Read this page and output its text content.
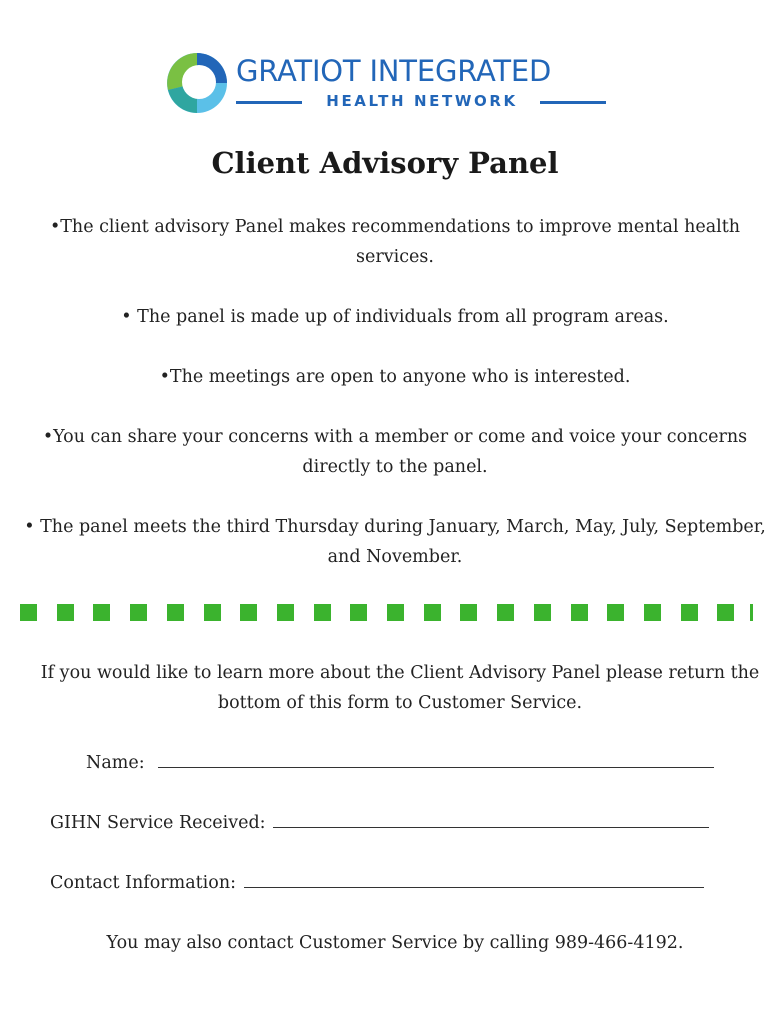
GRATIOT INTEGRATED
HEALTH NETWORK
Client Advisory Panel

•The client advisory Panel makes recommendations to improve mental health services.

• The panel is made up of individuals from all program areas.

•The meetings are open to anyone who is interested.

•You can share your concerns with a member or come and voice your concerns directly to the panel.

• The panel meets the third Thursday during January, March, May, July, September, and November.

If you would like to learn more about the Client Advisory Panel please return the bottom of this form to Customer Service.

Name:
GIHN Service Received:
Contact Information:

You may also contact Customer Service by calling 989-466-4192.
